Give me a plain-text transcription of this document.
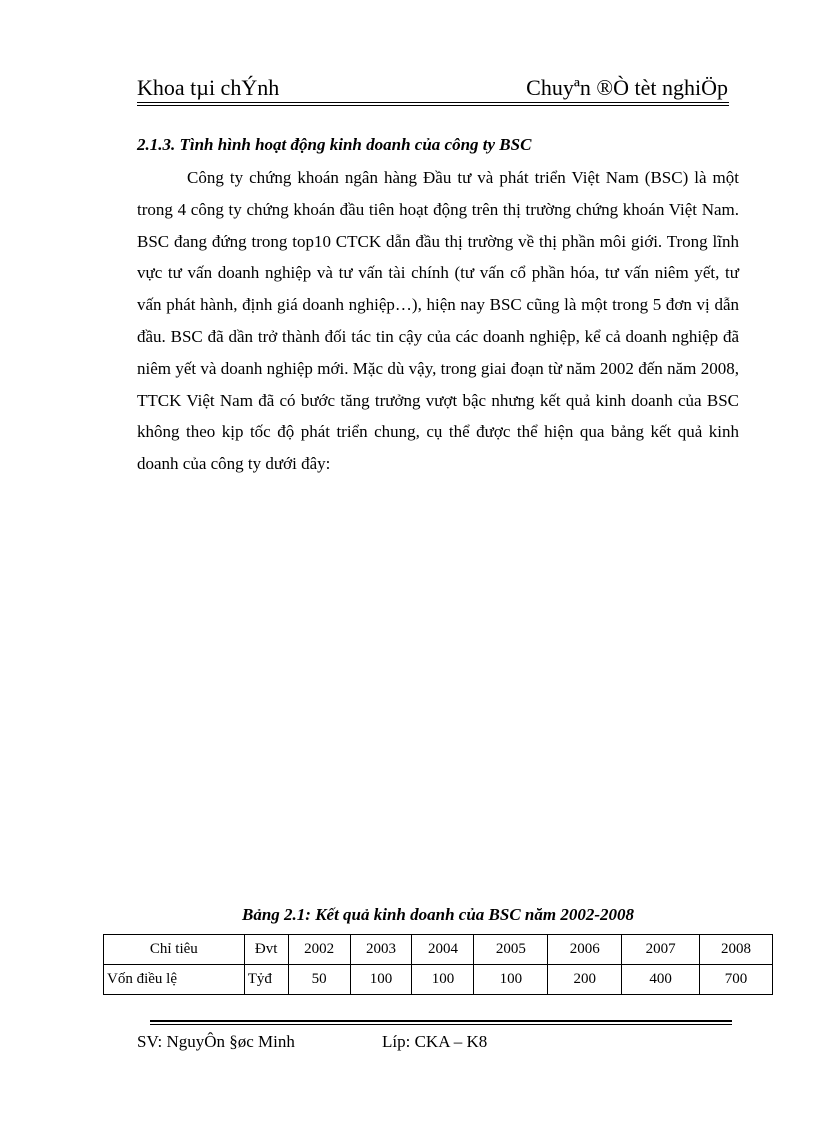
Khoa tµi chÝnh	Chuyªn ®Ò tèt nghiÖp
2.1.3. Tình hình hoạt động kinh doanh của công ty BSC

Công ty chứng khoán ngân hàng Đầu tư và phát triển Việt Nam (BSC) là một trong 4 công ty chứng khoán đầu tiên hoạt động trên thị trường chứng khoán Việt Nam. BSC đang đứng trong top10 CTCK dẫn đầu thị trường về thị phần môi giới. Trong lĩnh vực tư vấn doanh nghiệp và tư vấn tài chính (tư vấn cổ phần hóa, tư vấn niêm yết, tư vấn phát hành, định giá doanh nghiệp…), hiện nay BSC cũng là một trong 5 đơn vị dẫn đầu. BSC đã dần trở thành đối tác tin cậy của các doanh nghiệp, kể cả doanh nghiệp đã niêm yết và doanh nghiệp mới. Mặc dù vậy, trong giai đoạn từ năm 2002 đến năm 2008, TTCK Việt Nam đã có bước tăng trưởng vượt bậc nhưng kết quả kinh doanh của BSC không theo kịp tốc độ phát triển chung, cụ thể được thể hiện qua bảng kết quả kinh doanh của công ty dưới đây:

Bảng 2.1: Kết quả kinh doanh của BSC năm 2002-2008
Chỉ tiêu	Đvt	2002	2003	2004	2005	2006	2007	2008
Vốn điều lệ	Tỷđ	50	100	100	100	200	400	700
SV: NguyÔn §øc Minh	Líp: CKA – K8
